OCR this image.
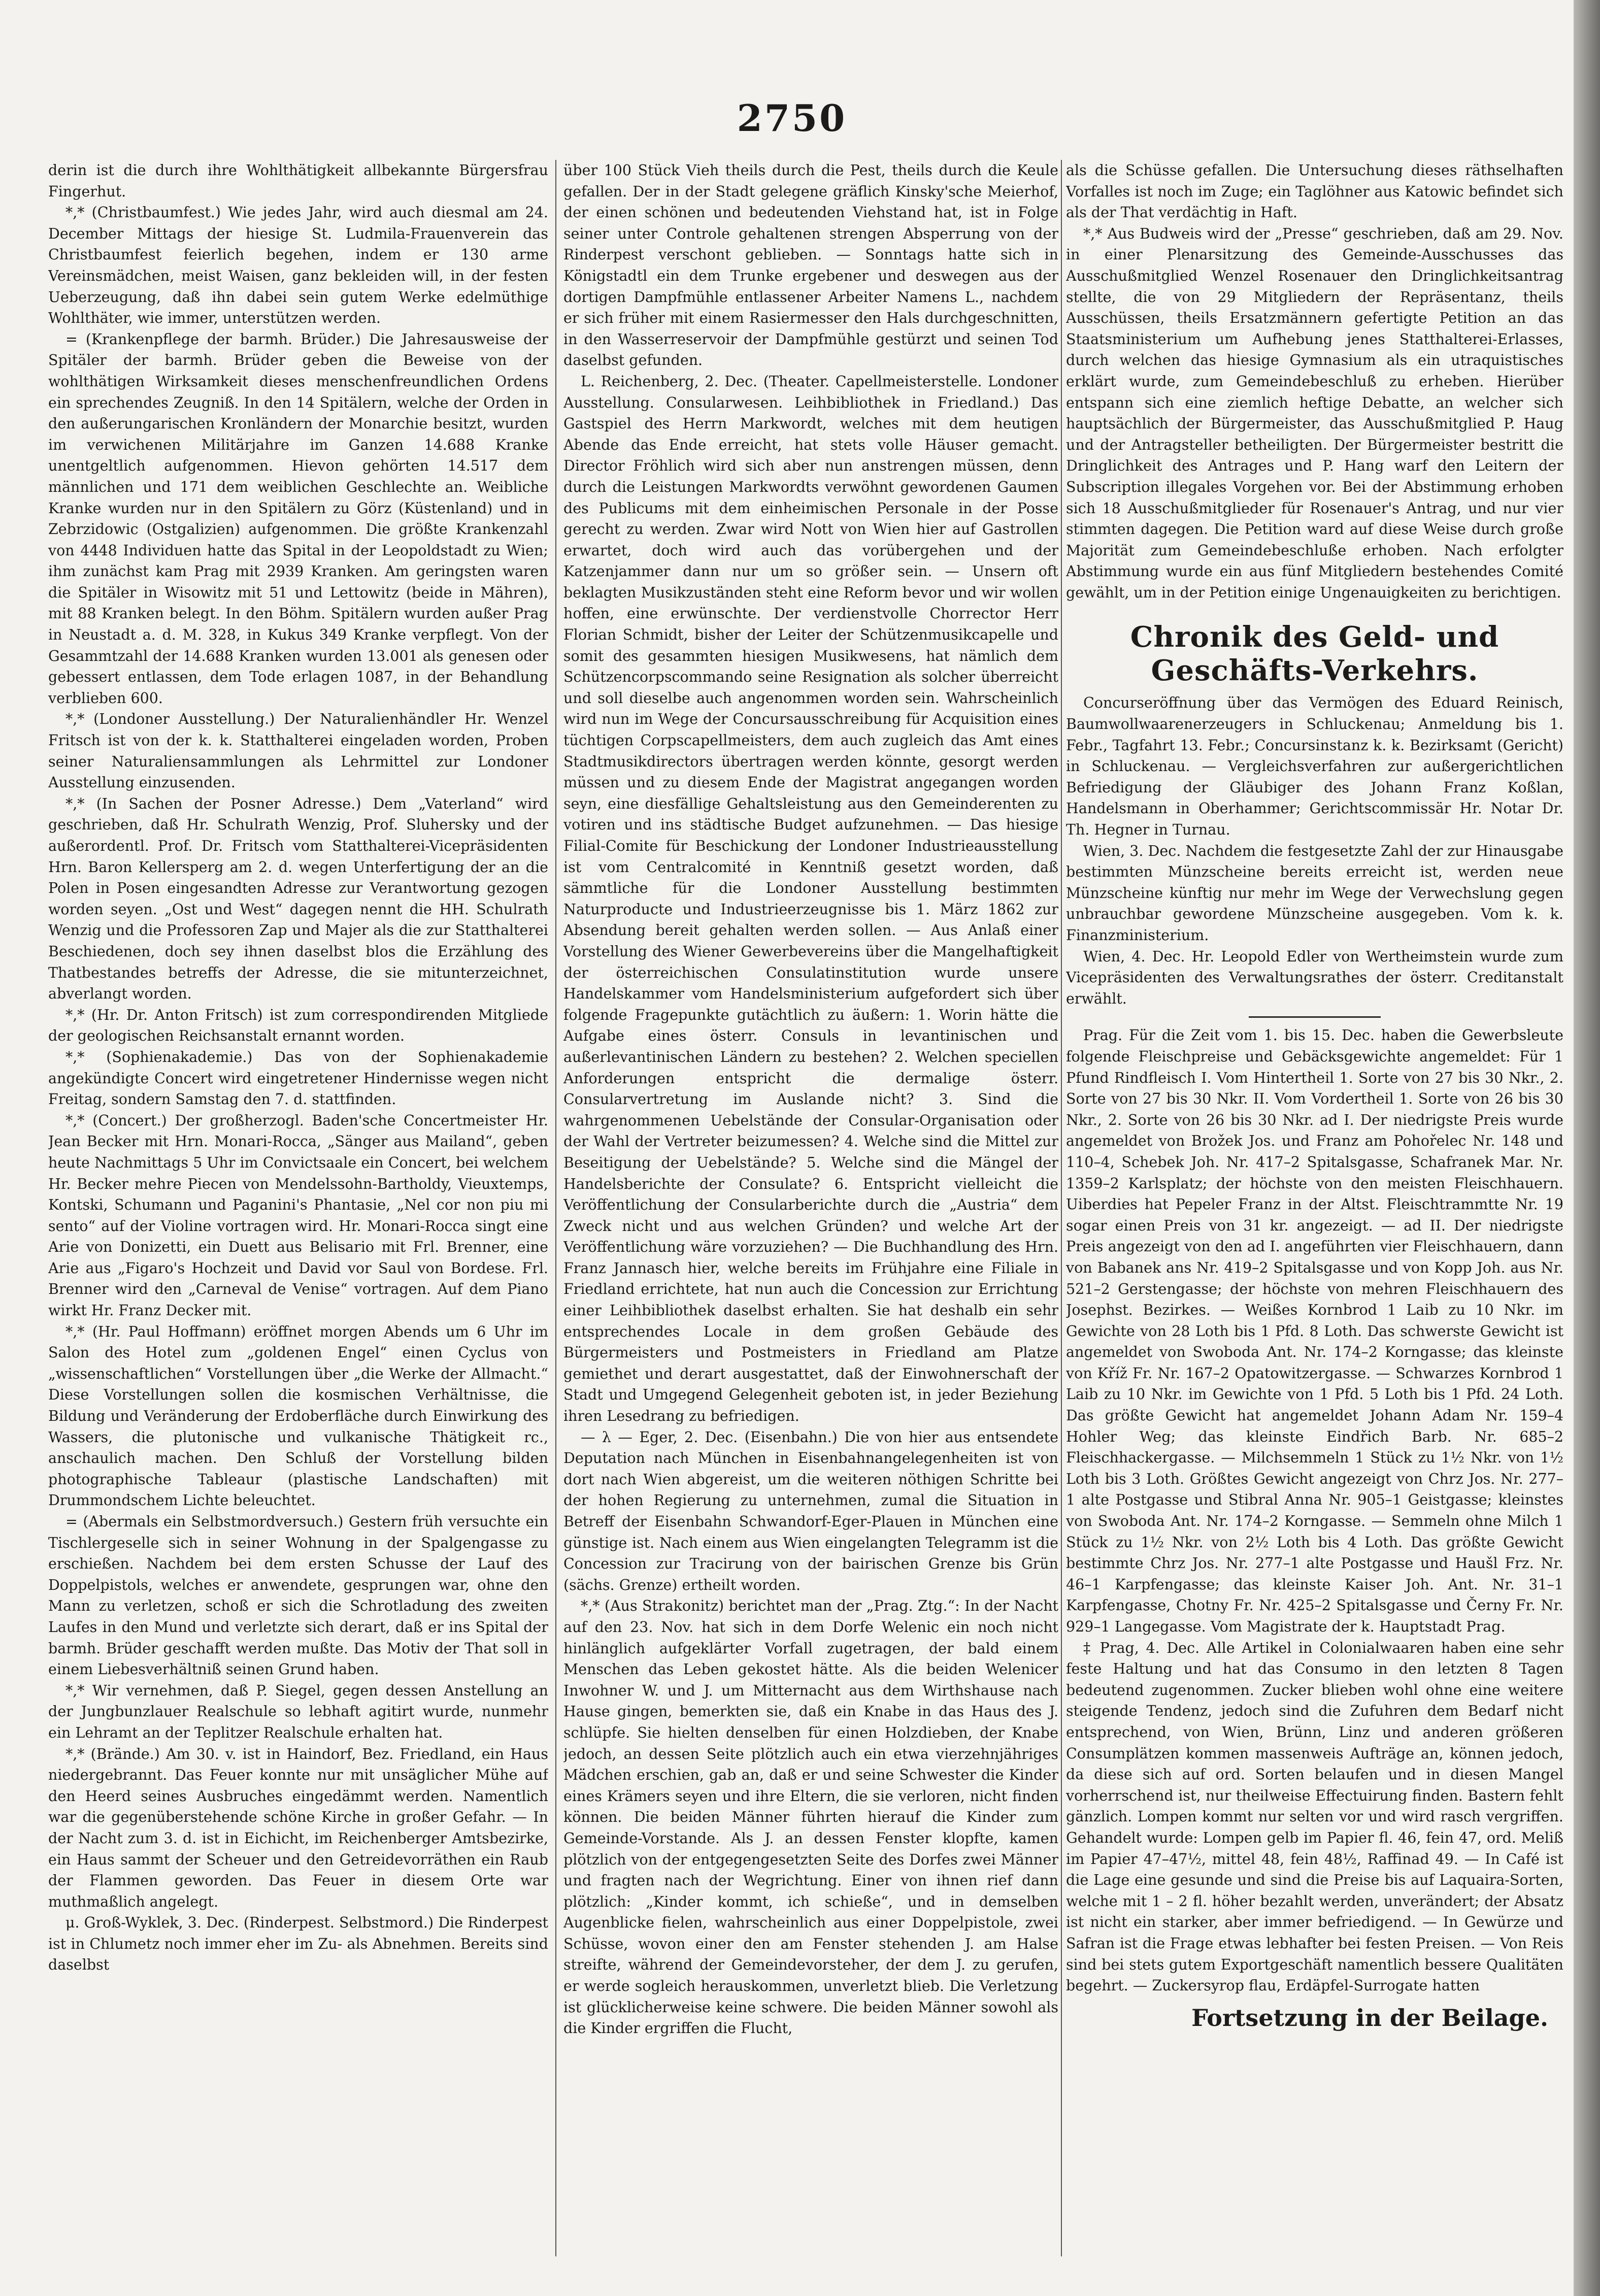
2750

derin ist die durch ihre Wohlthätigkeit allbekannte Bürgersfrau Fingerhut.

*,* (Christbaumfest.) Wie jedes Jahr, wird auch diesmal am 24. December Mittags der hiesige St. Ludmila-Frauenverein das Christbaumfest feierlich begehen, indem er 130 arme Vereinsmädchen, meist Waisen, ganz bekleiden will, in der festen Ueberzeugung, daß ihn dabei sein gutem Werke edelmüthige Wohlthäter, wie immer, unterstützen werden.

= (Krankenpflege der barmh. Brüder.) Die Jahresausweise der Spitäler der barmh. Brüder geben die Beweise von der wohlthätigen Wirksamkeit dieses menschenfreundlichen Ordens ein sprechendes Zeugniß. In den 14 Spitälern, welche der Orden in den außerungarischen Kronländern der Monarchie besitzt, wurden im verwichenen Militärjahre im Ganzen 14.688 Kranke unentgeltlich aufgenommen. Hievon gehörten 14.517 dem männlichen und 171 dem weiblichen Geschlechte an. Weibliche Kranke wurden nur in den Spitälern zu Görz (Küstenland) und in Zebrzidowic (Ostgalizien) aufgenommen. Die größte Krankenzahl von 4448 Individuen hatte das Spital in der Leopoldstadt zu Wien; ihm zunächst kam Prag mit 2939 Kranken. Am geringsten waren die Spitäler in Wisowitz mit 51 und Lettowitz (beide in Mähren), mit 88 Kranken belegt. In den Böhm. Spitälern wurden außer Prag in Neustadt a. d. M. 328, in Kukus 349 Kranke verpflegt. Von der Gesammtzahl der 14.688 Kranken wurden 13.001 als genesen oder gebessert entlassen, dem Tode erlagen 1087, in der Behandlung verblieben 600.

*,* (Londoner Ausstellung.) Der Naturalienhändler Hr. Wenzel Fritsch ist von der k. k. Statthalterei eingeladen worden, Proben seiner Naturaliensammlungen als Lehrmittel zur Londoner Ausstellung einzusenden.

*,* (In Sachen der Posner Adresse.) Dem „Vaterland“ wird geschrieben, daß Hr. Schulrath Wenzig, Prof. Sluhersky und der außerordentl. Prof. Dr. Fritsch vom Statthalterei-Vicepräsidenten Hrn. Baron Kellersperg am 2. d. wegen Unterfertigung der an die Polen in Posen eingesandten Adresse zur Verantwortung gezogen worden seyen. „Ost und West“ dagegen nennt die HH. Schulrath Wenzig und die Professoren Zap und Majer als die zur Statthalterei Beschiedenen, doch sey ihnen daselbst blos die Erzählung des Thatbestandes betreffs der Adresse, die sie mitunterzeichnet, abverlangt worden.

*,* (Hr. Dr. Anton Fritsch) ist zum correspondirenden Mitgliede der geologischen Reichsanstalt ernannt worden.

*,* (Sophienakademie.) Das von der Sophienakademie angekündigte Concert wird eingetretener Hindernisse wegen nicht Freitag, sondern Samstag den 7. d. stattfinden.

*,* (Concert.) Der großherzogl. Baden'sche Concertmeister Hr. Jean Becker mit Hrn. Monari-Rocca, „Sänger aus Mailand“, geben heute Nachmittags 5 Uhr im Convictsaale ein Concert, bei welchem Hr. Becker mehre Piecen von Mendelssohn-Bartholdy, Vieuxtemps, Kontski, Schumann und Paganini's Phantasie, „Nel cor non piu mi sento“ auf der Violine vortragen wird. Hr. Monari-Rocca singt eine Arie von Donizetti, ein Duett aus Belisario mit Frl. Brenner, eine Arie aus „Figaro's Hochzeit und David vor Saul von Bordese. Frl. Brenner wird den „Carneval de Venise“ vortragen. Auf dem Piano wirkt Hr. Franz Decker mit.

*,* (Hr. Paul Hoffmann) eröffnet morgen Abends um 6 Uhr im Salon des Hotel zum „goldenen Engel“ einen Cyclus von „wissenschaftlichen“ Vorstellungen über „die Werke der Allmacht.“ Diese Vorstellungen sollen die kosmischen Verhältnisse, die Bildung und Veränderung der Erdoberfläche durch Einwirkung des Wassers, die plutonische und vulkanische Thätigkeit rc., anschaulich machen. Den Schluß der Vorstellung bilden photographische Tableaur (plastische Landschaften) mit Drummondschem Lichte beleuchtet.

= (Abermals ein Selbstmordversuch.) Gestern früh versuchte ein Tischlergeselle sich in seiner Wohnung in der Spalgengasse zu erschießen. Nachdem bei dem ersten Schusse der Lauf des Doppelpistols, welches er anwendete, gesprungen war, ohne den Mann zu verletzen, schoß er sich die Schrotladung des zweiten Laufes in den Mund und verletzte sich derart, daß er ins Spital der barmh. Brüder geschafft werden mußte. Das Motiv der That soll in einem Liebesverhältniß seinen Grund haben.

*,* Wir vernehmen, daß P. Siegel, gegen dessen Anstellung an der Jungbunzlauer Realschule so lebhaft agitirt wurde, nunmehr ein Lehramt an der Teplitzer Realschule erhalten hat.

*,* (Brände.) Am 30. v. ist in Haindorf, Bez. Friedland, ein Haus niedergebrannt. Das Feuer konnte nur mit unsäglicher Mühe auf den Heerd seines Ausbruches eingedämmt werden. Namentlich war die gegenüberstehende schöne Kirche in großer Gefahr. — In der Nacht zum 3. d. ist in Eichicht, im Reichenberger Amtsbezirke, ein Haus sammt der Scheuer und den Getreidevorräthen ein Raub der Flammen geworden. Das Feuer in diesem Orte war muthmaßlich angelegt.

μ. Groß-Wyklek, 3. Dec. (Rinderpest. Selbstmord.) Die Rinderpest ist in Chlumetz noch immer eher im Zu- als Abnehmen. Bereits sind daselbst

über 100 Stück Vieh theils durch die Pest, theils durch die Keule gefallen. Der in der Stadt gelegene gräflich Kinsky'sche Meierhof, der einen schönen und bedeutenden Viehstand hat, ist in Folge seiner unter Controle gehaltenen strengen Absperrung von der Rinderpest verschont geblieben. — Sonntags hatte sich in Königstadtl ein dem Trunke ergebener und deswegen aus der dortigen Dampfmühle entlassener Arbeiter Namens L., nachdem er sich früher mit einem Rasiermesser den Hals durchgeschnitten, in den Wasserreservoir der Dampfmühle gestürzt und seinen Tod daselbst gefunden.

L. Reichenberg, 2. Dec. (Theater. Capellmeisterstelle. Londoner Ausstellung. Consularwesen. Leihbibliothek in Friedland.) Das Gastspiel des Herrn Markwordt, welches mit dem heutigen Abende das Ende erreicht, hat stets volle Häuser gemacht. Director Fröhlich wird sich aber nun anstrengen müssen, denn durch die Leistungen Markwordts verwöhnt gewordenen Gaumen des Publicums mit dem einheimischen Personale in der Posse gerecht zu werden. Zwar wird Nott von Wien hier auf Gastrollen erwartet, doch wird auch das vorübergehen und der Katzenjammer dann nur um so größer sein. — Unsern oft beklagten Musikzuständen steht eine Reform bevor und wir wollen hoffen, eine erwünschte. Der verdienstvolle Chorrector Herr Florian Schmidt, bisher der Leiter der Schützenmusikcapelle und somit des gesammten hiesigen Musikwesens, hat nämlich dem Schützencorpscommando seine Resignation als solcher überreicht und soll dieselbe auch angenommen worden sein. Wahrscheinlich wird nun im Wege der Concursausschreibung für Acquisition eines tüchtigen Corpscapellmeisters, dem auch zugleich das Amt eines Stadtmusikdirectors übertragen werden könnte, gesorgt werden müssen und zu diesem Ende der Magistrat angegangen worden seyn, eine diesfällige Gehaltsleistung aus den Gemeinderenten zu votiren und ins städtische Budget aufzunehmen. — Das hiesige Filial-Comite für Beschickung der Londoner Industrieausstellung ist vom Centralcomité in Kenntniß gesetzt worden, daß sämmtliche für die Londoner Ausstellung bestimmten Naturproducte und Industrieerzeugnisse bis 1. März 1862 zur Absendung bereit gehalten werden sollen. — Aus Anlaß einer Vorstellung des Wiener Gewerbevereins über die Mangelhaftigkeit der österreichischen Consulatinstitution wurde unsere Handelskammer vom Handelsministerium aufgefordert sich über folgende Fragepunkte gutächtlich zu äußern: 1. Worin hätte die Aufgabe eines österr. Consuls in levantinischen und außerlevantinischen Ländern zu bestehen? 2. Welchen speciellen Anforderungen entspricht die dermalige österr. Consularvertretung im Auslande nicht? 3. Sind die wahrgenommenen Uebelstände der Consular-Organisation oder der Wahl der Vertreter beizumessen? 4. Welche sind die Mittel zur Beseitigung der Uebelstände? 5. Welche sind die Mängel der Handelsberichte der Consulate? 6. Entspricht vielleicht die Veröffentlichung der Consularberichte durch die „Austria“ dem Zweck nicht und aus welchen Gründen? und welche Art der Veröffentlichung wäre vorzuziehen? — Die Buchhandlung des Hrn. Franz Jannasch hier, welche bereits im Frühjahre eine Filiale in Friedland errichtete, hat nun auch die Concession zur Errichtung einer Leihbibliothek daselbst erhalten. Sie hat deshalb ein sehr entsprechendes Locale in dem großen Gebäude des Bürgermeisters und Postmeisters in Friedland am Platze gemiethet und derart ausgestattet, daß der Einwohnerschaft der Stadt und Umgegend Gelegenheit geboten ist, in jeder Beziehung ihren Lesedrang zu befriedigen.

— λ — Eger, 2. Dec. (Eisenbahn.) Die von hier aus entsendete Deputation nach München in Eisenbahnangelegenheiten ist von dort nach Wien abgereist, um die weiteren nöthigen Schritte bei der hohen Regierung zu unternehmen, zumal die Situation in Betreff der Eisenbahn Schwandorf-Eger-Plauen in München eine günstige ist. Nach einem aus Wien eingelangten Telegramm ist die Concession zur Tracirung von der bairischen Grenze bis Grün (sächs. Grenze) ertheilt worden.

*,* (Aus Strakonitz) berichtet man der „Prag. Ztg.“: In der Nacht auf den 23. Nov. hat sich in dem Dorfe Welenic ein noch nicht hinlänglich aufgeklärter Vorfall zugetragen, der bald einem Menschen das Leben gekostet hätte. Als die beiden Welenicer Inwohner W. und J. um Mitternacht aus dem Wirthshause nach Hause gingen, bemerkten sie, daß ein Knabe in das Haus des J. schlüpfe. Sie hielten denselben für einen Holzdieben, der Knabe jedoch, an dessen Seite plötzlich auch ein etwa vierzehnjähriges Mädchen erschien, gab an, daß er und seine Schwester die Kinder eines Krämers seyen und ihre Eltern, die sie verloren, nicht finden können. Die beiden Männer führten hierauf die Kinder zum Gemeinde-Vorstande. Als J. an dessen Fenster klopfte, kamen plötzlich von der entgegengesetzten Seite des Dorfes zwei Männer und fragten nach der Wegrichtung. Einer von ihnen rief dann plötzlich: „Kinder kommt, ich schieße“, und in demselben Augenblicke fielen, wahrscheinlich aus einer Doppelpistole, zwei Schüsse, wovon einer den am Fenster stehenden J. am Halse streifte, während der Gemeindevorsteher, der dem J. zu gerufen, er werde sogleich herauskommen, unverletzt blieb. Die Verletzung ist glücklicherweise keine schwere. Die beiden Männer sowohl als die Kinder ergriffen die Flucht,

als die Schüsse gefallen. Die Untersuchung dieses räthselhaften Vorfalles ist noch im Zuge; ein Taglöhner aus Katowic befindet sich als der That verdächtig in Haft.

*,* Aus Budweis wird der „Presse“ geschrieben, daß am 29. Nov. in einer Plenarsitzung des Gemeinde-Ausschusses das Ausschußmitglied Wenzel Rosenauer den Dringlichkeitsantrag stellte, die von 29 Mitgliedern der Repräsentanz, theils Ausschüssen, theils Ersatzmännern gefertigte Petition an das Staatsministerium um Aufhebung jenes Statthalterei-Erlasses, durch welchen das hiesige Gymnasium als ein utraquistisches erklärt wurde, zum Gemeindebeschluß zu erheben. Hierüber entspann sich eine ziemlich heftige Debatte, an welcher sich hauptsächlich der Bürgermeister, das Ausschußmitglied P. Haug und der Antragsteller betheiligten. Der Bürgermeister bestritt die Dringlichkeit des Antrages und P. Hang warf den Leitern der Subscription illegales Vorgehen vor. Bei der Abstimmung erhoben sich 18 Ausschußmitglieder für Rosenauer's Antrag, und nur vier stimmten dagegen. Die Petition ward auf diese Weise durch große Majorität zum Gemeindebeschluße erhoben. Nach erfolgter Abstimmung wurde ein aus fünf Mitgliedern bestehendes Comité gewählt, um in der Petition einige Ungenauigkeiten zu berichtigen.

Chronik des Geld- und Geschäfts-Verkehrs.

Concurseröffnung über das Vermögen des Eduard Reinisch, Baumwollwaarenerzeugers in Schluckenau; Anmeldung bis 1. Febr., Tagfahrt 13. Febr.; Concursinstanz k. k. Bezirksamt (Gericht) in Schluckenau. — Vergleichsverfahren zur außergerichtlichen Befriedigung der Gläubiger des Johann Franz Koßlan, Handelsmann in Oberhammer; Gerichtscommissär Hr. Notar Dr. Th. Hegner in Turnau.

Wien, 3. Dec. Nachdem die festgesetzte Zahl der zur Hinausgabe bestimmten Münzscheine bereits erreicht ist, werden neue Münzscheine künftig nur mehr im Wege der Verwechslung gegen unbrauchbar gewordene Münzscheine ausgegeben. Vom k. k. Finanzministerium.

Wien, 4. Dec. Hr. Leopold Edler von Wertheimstein wurde zum Vicepräsidenten des Verwaltungsrathes der österr. Creditanstalt erwählt.

Prag. Für die Zeit vom 1. bis 15. Dec. haben die Gewerbsleute folgende Fleischpreise und Gebäcksgewichte angemeldet: Für 1 Pfund Rindfleisch I. Vom Hintertheil 1. Sorte von 27 bis 30 Nkr., 2. Sorte von 27 bis 30 Nkr. II. Vom Vordertheil 1. Sorte von 26 bis 30 Nkr., 2. Sorte von 26 bis 30 Nkr. ad I. Der niedrigste Preis wurde angemeldet von Brožek Jos. und Franz am Pohořelec Nr. 148 und 110–4, Schebek Joh. Nr. 417–2 Spitalsgasse, Schafranek Mar. Nr. 1359–2 Karlsplatz; der höchste von den meisten Fleischhauern. Uiberdies hat Pepeler Franz in der Altst. Fleischtrammtte Nr. 19 sogar einen Preis von 31 kr. angezeigt. — ad II. Der niedrigste Preis angezeigt von den ad I. angeführten vier Fleischhauern, dann von Babanek ans Nr. 419–2 Spitalsgasse und von Kopp Joh. aus Nr. 521–2 Gerstengasse; der höchste von mehren Fleischhauern des Josephst. Bezirkes. — Weißes Kornbrod 1 Laib zu 10 Nkr. im Gewichte von 28 Loth bis 1 Pfd. 8 Loth. Das schwerste Gewicht ist angemeldet von Swoboda Ant. Nr. 174–2 Korngasse; das kleinste von Kříž Fr. Nr. 167–2 Opatowitzergasse. — Schwarzes Kornbrod 1 Laib zu 10 Nkr. im Gewichte von 1 Pfd. 5 Loth bis 1 Pfd. 24 Loth. Das größte Gewicht hat angemeldet Johann Adam Nr. 159–4 Hohler Weg; das kleinste Eindřich Barb. Nr. 685–2 Fleischhackergasse. — Milchsemmeln 1 Stück zu 1½ Nkr. von 1½ Loth bis 3 Loth. Größtes Gewicht angezeigt von Chrz Jos. Nr. 277–1 alte Postgasse und Stibral Anna Nr. 905–1 Geistgasse; kleinstes von Swoboda Ant. Nr. 174–2 Korngasse. — Semmeln ohne Milch 1 Stück zu 1½ Nkr. von 2½ Loth bis 4 Loth. Das größte Gewicht bestimmte Chrz Jos. Nr. 277–1 alte Postgasse und Haušl Frz. Nr. 46–1 Karpfengasse; das kleinste Kaiser Joh. Ant. Nr. 31–1 Karpfengasse, Chotny Fr. Nr. 425–2 Spitalsgasse und Černy Fr. Nr. 929–1 Langegasse. Vom Magistrate der k. Hauptstadt Prag.

‡ Prag, 4. Dec. Alle Artikel in Colonialwaaren haben eine sehr feste Haltung und hat das Consumo in den letzten 8 Tagen bedeutend zugenommen. Zucker blieben wohl ohne eine weitere steigende Tendenz, jedoch sind die Zufuhren dem Bedarf nicht entsprechend, von Wien, Brünn, Linz und anderen größeren Consumplätzen kommen massenweis Aufträge an, können jedoch, da diese sich auf ord. Sorten belaufen und in diesen Mangel vorherrschend ist, nur theilweise Effectuirung finden. Bastern fehlt gänzlich. Lompen kommt nur selten vor und wird rasch vergriffen. Gehandelt wurde: Lompen gelb im Papier fl. 46, fein 47, ord. Meliß im Papier 47–47½, mittel 48, fein 48½, Raffinad 49. — In Café ist die Lage eine gesunde und sind die Preise bis auf Laquaira-Sorten, welche mit 1 – 2 fl. höher bezahlt werden, unverändert; der Absatz ist nicht ein starker, aber immer befriedigend. — In Gewürze und Safran ist die Frage etwas lebhafter bei festen Preisen. — Von Reis sind bei stets gutem Exportgeschäft namentlich bessere Qualitäten begehrt. — Zuckersyrop flau, Erdäpfel-Surrogate hatten

Fortsetzung in der Beilage.
